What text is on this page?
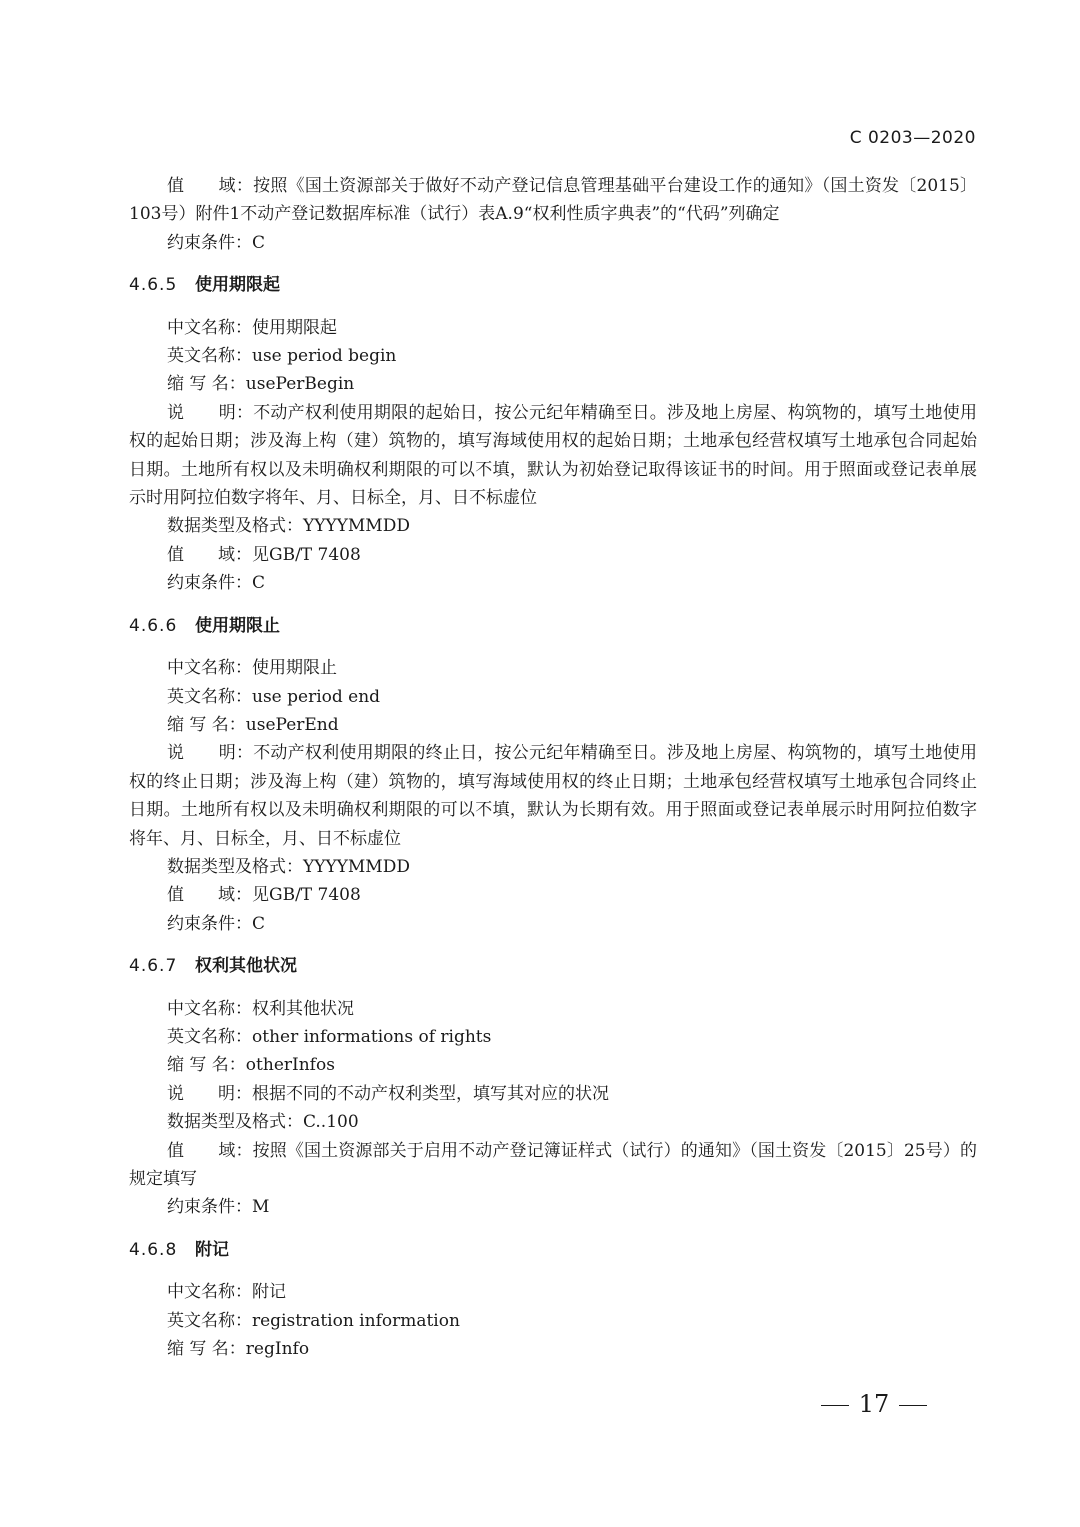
C 0203—2020
值　　域：按照《国土资源部关于做好不动产登记信息管理基础平台建设工作的通知》（国土资发〔2015〕103号）附件1不动产登记数据库标准（试行）表A.9“权利性质字典表”的“代码”列确定
约束条件：C
4.6.5 使用期限起
中文名称：使用期限起
英文名称：use period begin
缩 写 名：usePerBegin
说　　明：不动产权利使用期限的起始日，按公元纪年精确至日。涉及地上房屋、构筑物的，填写土地使用权的起始日期；涉及海上构（建）筑物的，填写海域使用权的起始日期；土地承包经营权填写土地承包合同起始日期。土地所有权以及未明确权利期限的可以不填，默认为初始登记取得该证书的时间。用于照面或登记表单展示时用阿拉伯数字将年、月、日标全，月、日不标虚位
数据类型及格式：YYYYMMDD
值　　域：见GB/T 7408
约束条件：C
4.6.6 使用期限止
中文名称：使用期限止
英文名称：use period end
缩 写 名：usePerEnd
说　　明：不动产权利使用期限的终止日，按公元纪年精确至日。涉及地上房屋、构筑物的，填写土地使用权的终止日期；涉及海上构（建）筑物的，填写海域使用权的终止日期；土地承包经营权填写土地承包合同终止日期。土地所有权以及未明确权利期限的可以不填，默认为长期有效。用于照面或登记表单展示时用阿拉伯数字将年、月、日标全，月、日不标虚位
数据类型及格式：YYYYMMDD
值　　域：见GB/T 7408
约束条件：C
4.6.7 权利其他状况
中文名称：权利其他状况
英文名称：other informations of rights
缩 写 名：otherInfos
说　　明：根据不同的不动产权利类型，填写其对应的状况
数据类型及格式：C..100
值　　域：按照《国土资源部关于启用不动产登记簿证样式（试行）的通知》（国土资发〔2015〕25号）的规定填写
约束条件：M
4.6.8 附记
中文名称：附记
英文名称：registration information
缩 写 名：regInfo
17
